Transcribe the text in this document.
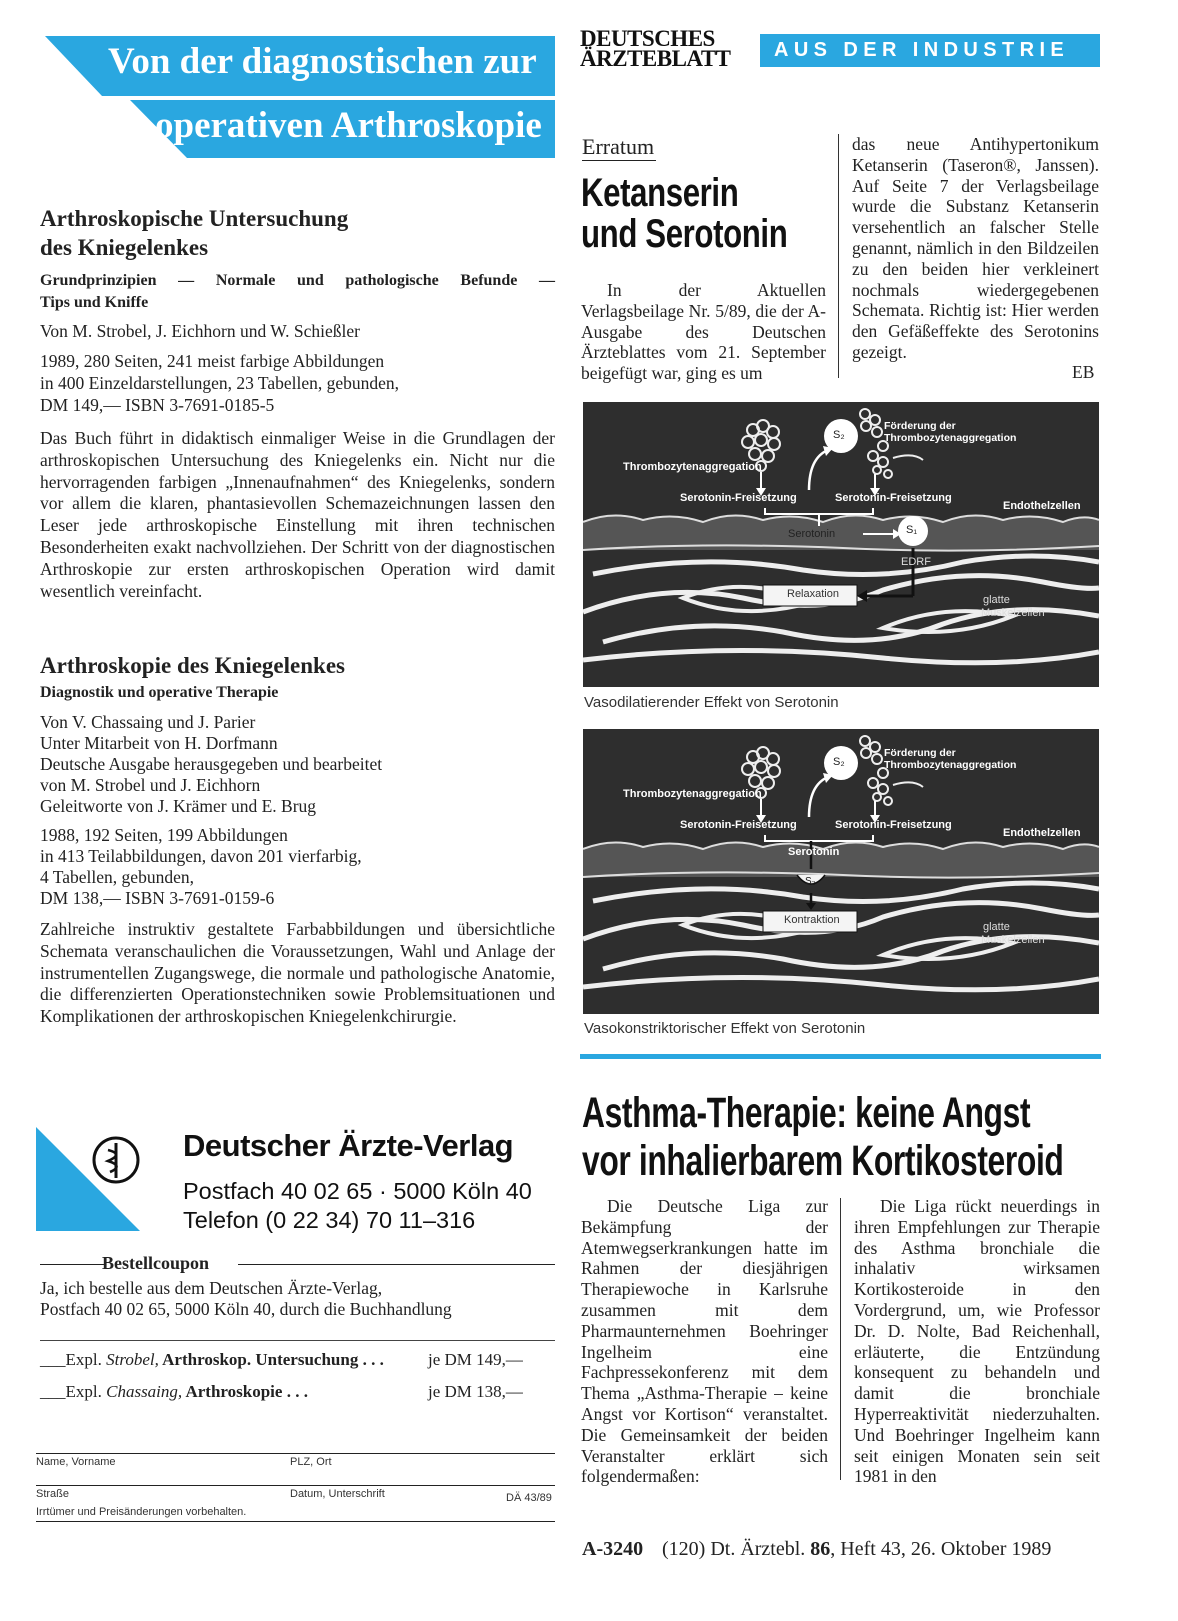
Von der diagnostischen zur
operativen Arthroskopie
Arthroskopische Untersuchung
des Kniegelenkes
Grundprinzipien — Normale und pathologische Befunde —
Tips und Kniffe
Von M. Strobel, J. Eichhorn und W. Schießler
1989, 280 Seiten, 241 meist farbige Abbildungen
in 400 Einzeldarstellungen, 23 Tabellen, gebunden,
DM 149,— ISBN 3-7691-0185-5

Das Buch führt in didaktisch einmaliger Weise in die Grundlagen der arthroskopischen Untersuchung des Kniegelenks ein. Nicht nur die hervorragenden farbigen „Innenaufnahmen“ des Kniegelenks, sondern vor allem die klaren, phantasievollen Schemazeichnungen lassen den Leser jede arthroskopische Einstellung mit ihren technischen Besonderheiten exakt nachvollziehen. Der Schritt von der diagnostischen Arthroskopie zur ersten arthroskopischen Operation wird damit wesentlich vereinfacht.

Arthroskopie des Kniegelenkes
Diagnostik und operative Therapie
Von V. Chassaing und J. Parier
Unter Mitarbeit von H. Dorfmann
Deutsche Ausgabe herausgegeben und bearbeitet
von M. Strobel und J. Eichhorn
Geleitworte von J. Krämer und E. Brug
1988, 192 Seiten, 199 Abbildungen
in 413 Teilabbildungen, davon 201 vierfarbig,
4 Tabellen, gebunden,
DM 138,— ISBN 3-7691-0159-6

Zahlreiche instruktiv gestaltete Farbabbildungen und übersichtliche Schemata veranschaulichen die Voraussetzungen, Wahl und Anlage der instrumentellen Zugangswege, die normale und pathologische Anatomie, die differenzierten Operationstechniken sowie Problemsituationen und Komplikationen der arthroskopischen Kniegelenkchirurgie.

Deutscher Ärzte-Verlag
Postfach 40 02 65 · 5000 Köln 40
Telefon (0 22 34) 70 11–316
Bestellcoupon
Ja, ich bestelle aus dem Deutschen Ärzte-Verlag,
Postfach 40 02 65, 5000 Köln 40, durch die Buchhandlung
___Expl. Strobel, Arthroskop. Untersuchung . . .	je DM 149,—
___Expl. Chassaing, Arthroskopie . . .	je DM 138,—
Name, Vorname	PLZ, Ort
Straße	Datum, Unterschrift	DÄ 43/89
Irrtümer und Preisänderungen vorbehalten.
DEUTSCHES
ÄRZTEBLATT	AUS DER INDUSTRIE
Erratum
Ketanserin
und Serotonin

In der Aktuellen Verlagsbeilage Nr. 5/89, die der A-Ausgabe des Deutschen Ärzteblattes vom 21. September beigefügt war, ging es um

das neue Antihypertonikum Ketanserin (Taseron®, Janssen). Auf Seite 7 der Verlagsbeilage wurde die Substanz Ketanserin versehentlich an falscher Stelle genannt, nämlich in den Bildzeilen zu den beiden hier verkleinert nochmals wiedergegebenen Schemata. Richtig ist: Hier werden den Gefäßeffekte des Serotonins gezeigt.

EB
Förderung der
Thrombozytenaggregation
Thrombozytenaggregation
Serotonin-Freisetzung	Serotonin-Freisetzung
Endothelzellen
Serotonin
S₂
S₁
EDRF
Relaxation	glatte
Muskelzellen
Vasodilatierender Effekt von Serotonin
Förderung der
Thrombozytenaggregation
Thrombozytenaggregation
Serotonin-Freisetzung	Serotonin-Freisetzung
Endothelzellen
Serotonin
S₂
S₂
Kontraktion
glatte
Muskelzellen
Vasokonstriktorischer Effekt von Serotonin
Asthma-Therapie: keine Angst
vor inhalierbarem Kortikosteroid

Die Deutsche Liga zur Bekämpfung der Atemwegserkrankungen hatte im Rahmen der diesjährigen Therapiewoche in Karlsruhe zusammen mit dem Pharmaunternehmen Boehringer Ingelheim eine Fachpressekonferenz mit dem Thema „Asthma-Therapie – keine Angst vor Kortison“ veranstaltet. Die Gemeinsamkeit der beiden Veranstalter erklärt sich folgendermaßen:

Die Liga rückt neuerdings in ihren Empfehlungen zur Therapie des Asthma bronchiale die inhalativ wirksamen Kortikosteroide in den Vordergrund, um, wie Professor Dr. D. Nolte, Bad Reichenhall, erläuterte, die Entzündung konsequent zu behandeln und damit die bronchiale Hyperreaktivität niederzuhalten. Und Boehringer Ingelheim kann seit einigen Monaten sein seit 1981 in den

A-3240 (120) Dt. Ärztebl. 86, Heft 43, 26. Oktober 1989
